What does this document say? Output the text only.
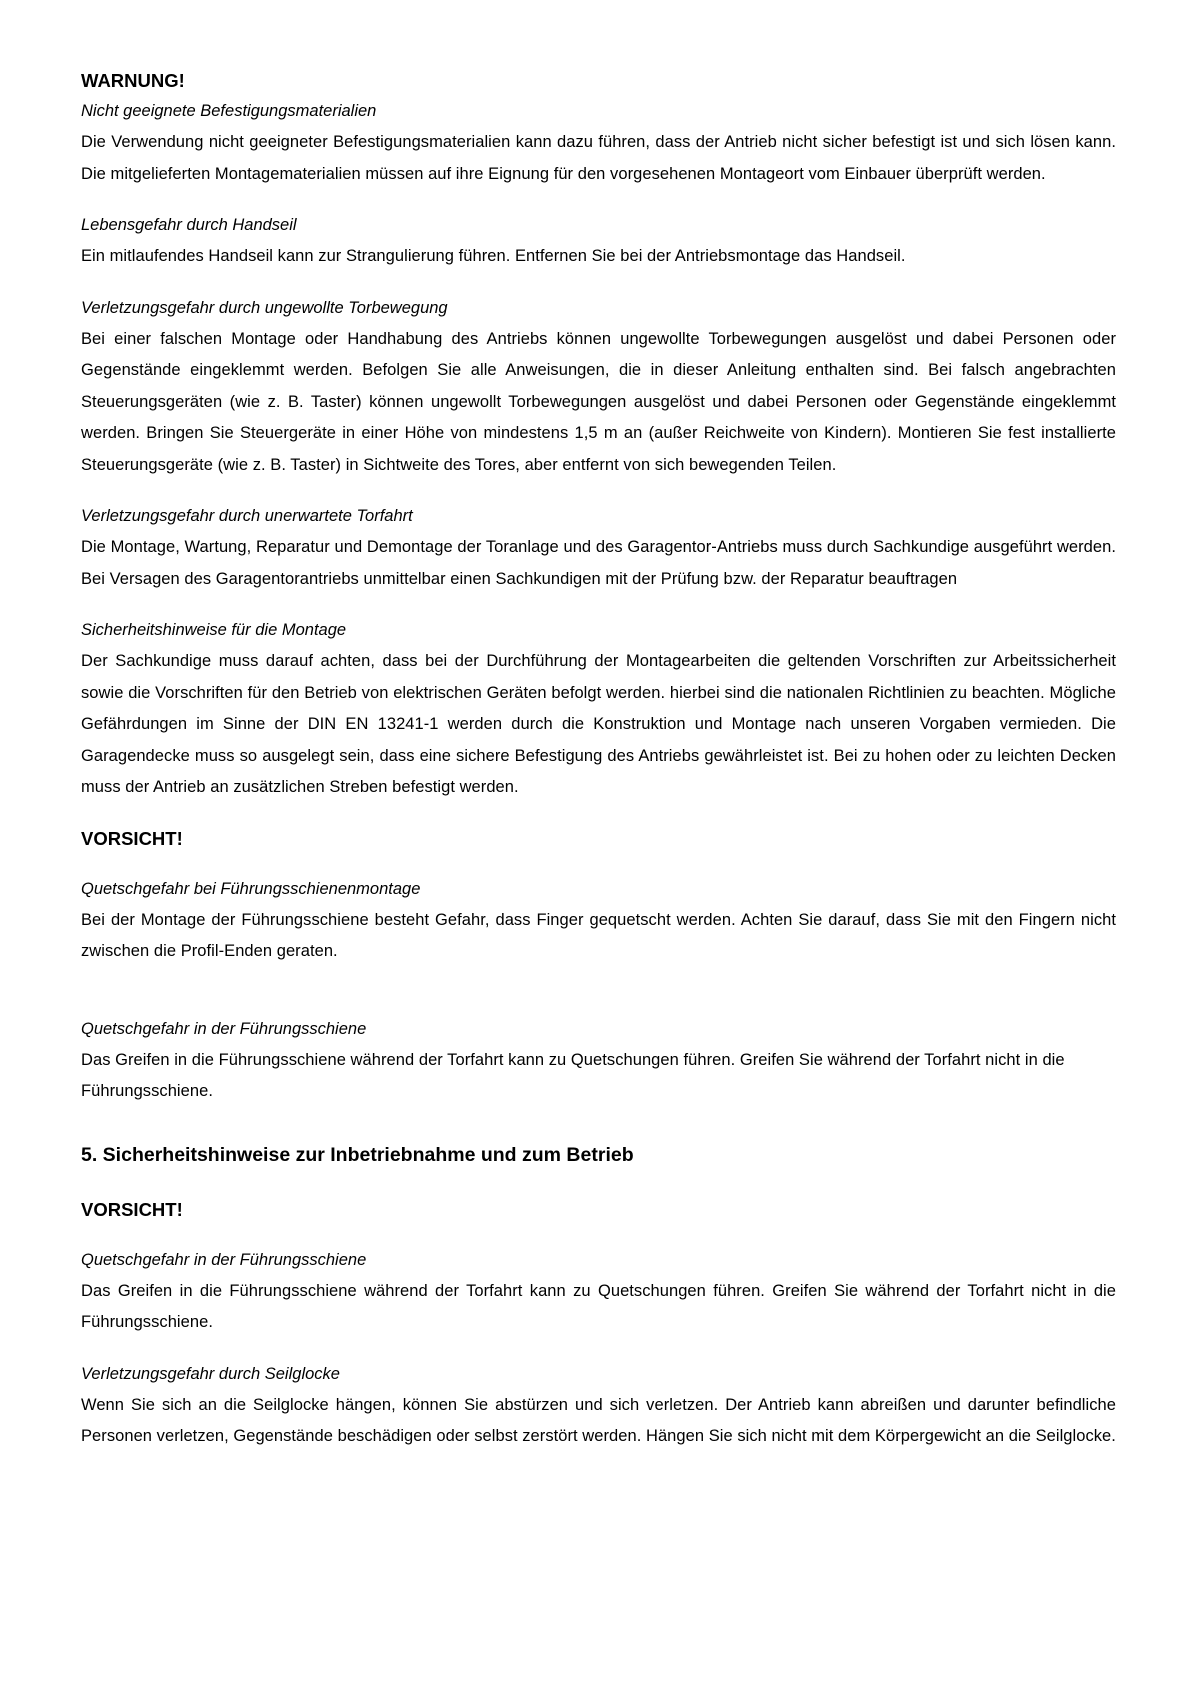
WARNUNG!

Nicht geeignete Befestigungsmaterialien

Die Verwendung nicht geeigneter Befestigungsmaterialien kann dazu führen, dass der Antrieb nicht sicher befestigt ist und sich lösen kann. Die mitgelieferten Montagematerialien müssen auf ihre Eignung für den vorgesehenen Montageort vom Einbauer überprüft werden.

Lebensgefahr durch Handseil

Ein mitlaufendes Handseil kann zur Strangulierung führen. Entfernen Sie bei der Antriebsmontage das Handseil.

Verletzungsgefahr durch ungewollte Torbewegung

Bei einer falschen Montage oder Handhabung des Antriebs können ungewollte Torbewegungen ausgelöst und dabei Personen oder Gegenstände eingeklemmt werden. Befolgen Sie alle Anweisungen, die in dieser Anleitung enthalten sind. Bei falsch angebrachten Steuerungsgeräten (wie z. B. Taster) können ungewollt Torbewegungen ausgelöst und dabei Personen oder Gegenstände eingeklemmt werden. Bringen Sie Steuergeräte in einer Höhe von mindestens 1,5 m an (außer Reichweite von Kindern). Montieren Sie fest installierte Steuerungsgeräte (wie z. B. Taster) in Sichtweite des Tores, aber entfernt von sich bewegenden Teilen.

Verletzungsgefahr durch unerwartete Torfahrt

Die Montage, Wartung, Reparatur und Demontage der Toranlage und des Garagentor-Antriebs muss durch Sachkundige ausgeführt werden. Bei Versagen des Garagentorantriebs unmittelbar einen Sachkundigen mit der Prüfung bzw. der Reparatur beauftragen

Sicherheitshinweise für die Montage

Der Sachkundige muss darauf achten, dass bei der Durchführung der Montagearbeiten die geltenden Vorschriften zur Arbeitssicherheit sowie die Vorschriften für den Betrieb von elektrischen Geräten befolgt werden. hierbei sind die nationalen Richtlinien zu beachten. Mögliche Gefährdungen im Sinne der DIN EN 13241-1 werden durch die Konstruktion und Montage nach unseren Vorgaben vermieden. Die Garagendecke muss so ausgelegt sein, dass eine sichere Befestigung des Antriebs gewährleistet ist. Bei zu hohen oder zu leichten Decken muss der Antrieb an zusätzlichen Streben befestigt werden.

VORSICHT!

Quetschgefahr bei Führungsschienenmontage

Bei der Montage der Führungsschiene besteht Gefahr, dass Finger gequetscht werden. Achten Sie darauf, dass Sie mit den Fingern nicht zwischen die Profil-Enden geraten.

Quetschgefahr in der Führungsschiene

Das Greifen in die Führungsschiene während der Torfahrt kann zu Quetschungen führen. Greifen Sie während der Torfahrt nicht in die Führungsschiene.

5. Sicherheitshinweise zur Inbetriebnahme und zum Betrieb
VORSICHT!

Quetschgefahr in der Führungsschiene

Das Greifen in die Führungsschiene während der Torfahrt kann zu Quetschungen führen. Greifen Sie während der Torfahrt nicht in die Führungsschiene.

Verletzungsgefahr durch Seilglocke

Wenn Sie sich an die Seilglocke hängen, können Sie abstürzen und sich verletzen. Der Antrieb kann abreißen und darunter befindliche Personen verletzen, Gegenstände beschädigen oder selbst zerstört werden. Hängen Sie sich nicht mit dem Körpergewicht an die Seilglocke.
